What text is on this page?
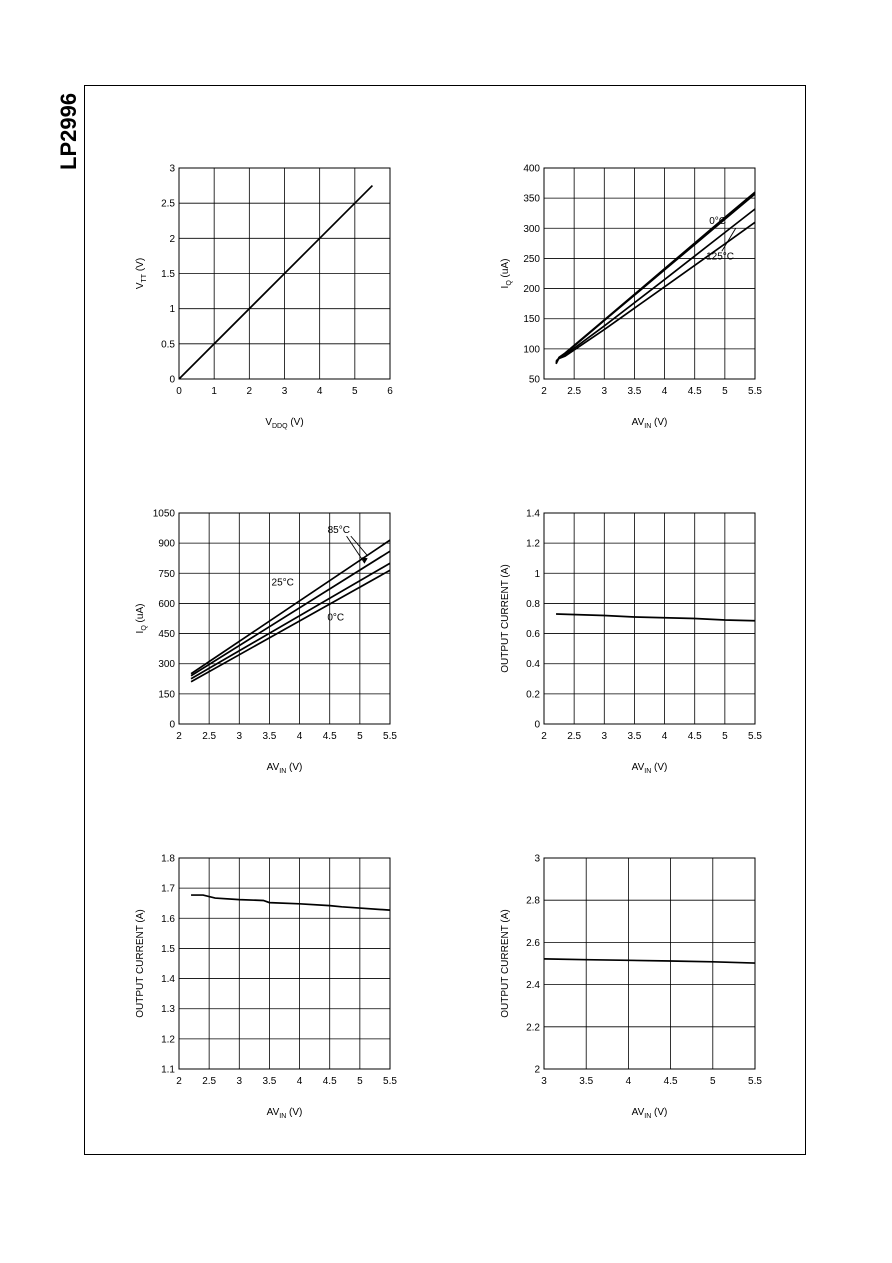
LP2996
0	1	2	3	4	5	6
0
0.5
1
1.5
2
2.5
3
$V_{DDQ}$ (V)
$V_{TT}$ (V)
2 2.5 3 3.5 4 4.5 5 5.5
50
100
150
200
250
300
350
400
$AV_{IN}$ (V)
$I_Q$ (uA)
0°C
125°C
2 2.5 3 3.5 4 4.5 5 5.5
0
150
300
450
600
750
900
1050
$AV_{IN}$ (V)
$I_Q$ (uA)
85°C
25°C
0°C
2 2.5 3 3.5 4 4.5 5 5.5
0
0.2
0.4
0.6
0.8
1
1.2
1.4
$AV_{IN}$ (V)
OUTPUT CURRENT (A)
2 2.5 3 3.5 4 4.5 5 5.5
1.1
1.2
1.3
1.4
1.5
1.6
1.7
1.8
$AV_{IN}$ (V)
OUTPUT CURRENT (A)
3	3.5	4	4.5	5	5.5
2
2.2
2.4
2.6
2.8
3
$AV_{IN}$ (V)
OUTPUT CURRENT (A)
